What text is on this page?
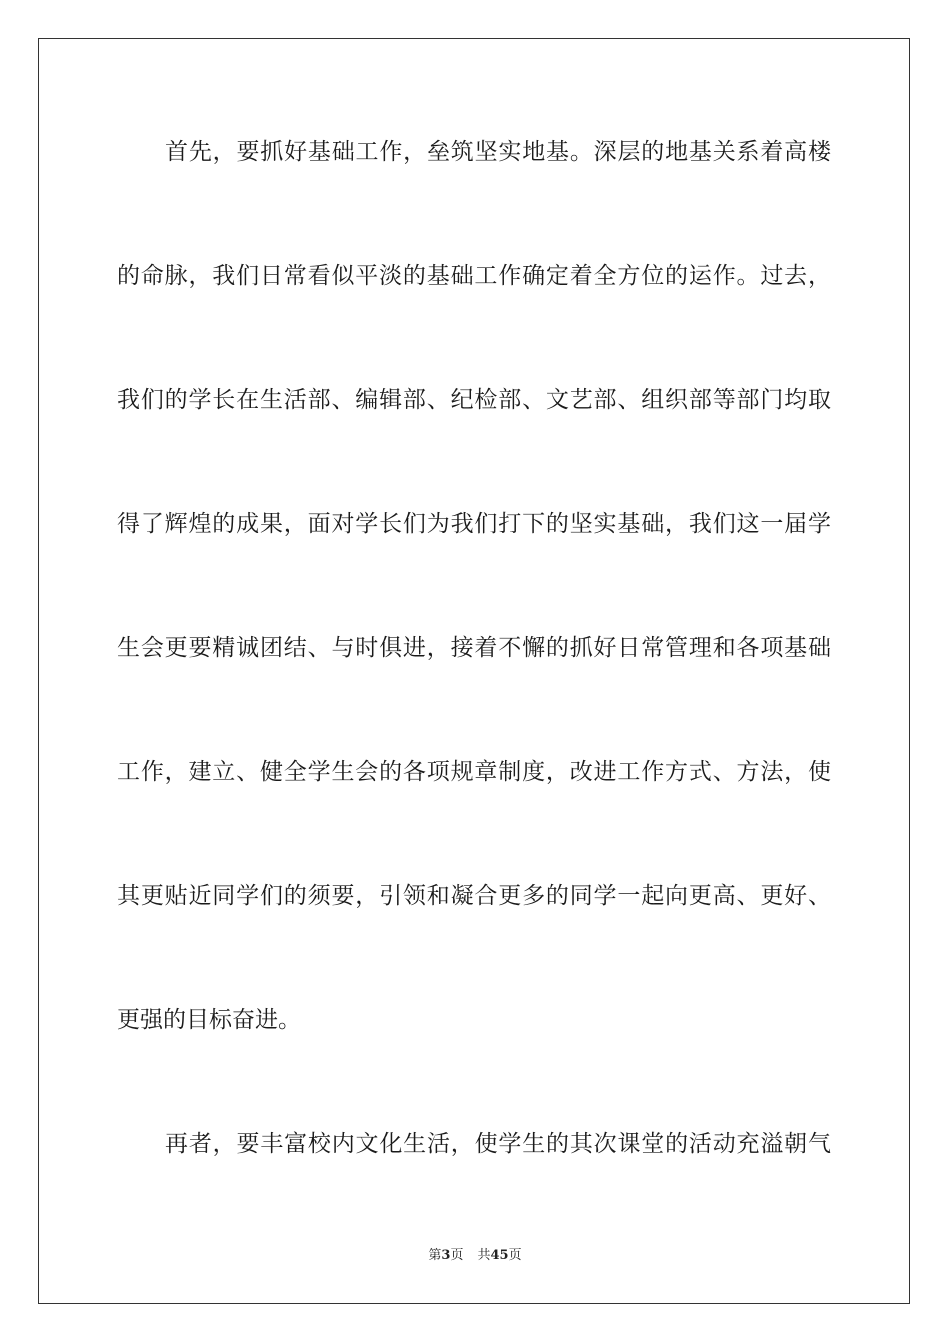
首先，要抓好基础工作，垒筑坚实地基。深层的地基关系着高楼
的命脉，我们日常看似平淡的基础工作确定着全方位的运作。过去，
我们的学长在生活部、编辑部、纪检部、文艺部、组织部等部门均取
得了辉煌的成果，面对学长们为我们打下的坚实基础，我们这一届学
生会更要精诚团结、与时俱进，接着不懈的抓好日常管理和各项基础
工作，建立、健全学生会的各项规章制度，改进工作方式、方法，使
其更贴近同学们的须要，引领和凝合更多的同学一起向更高、更好、
更强的目标奋进。
再者，要丰富校内文化生活，使学生的其次课堂的活动充溢朝气
第3页 共45页
